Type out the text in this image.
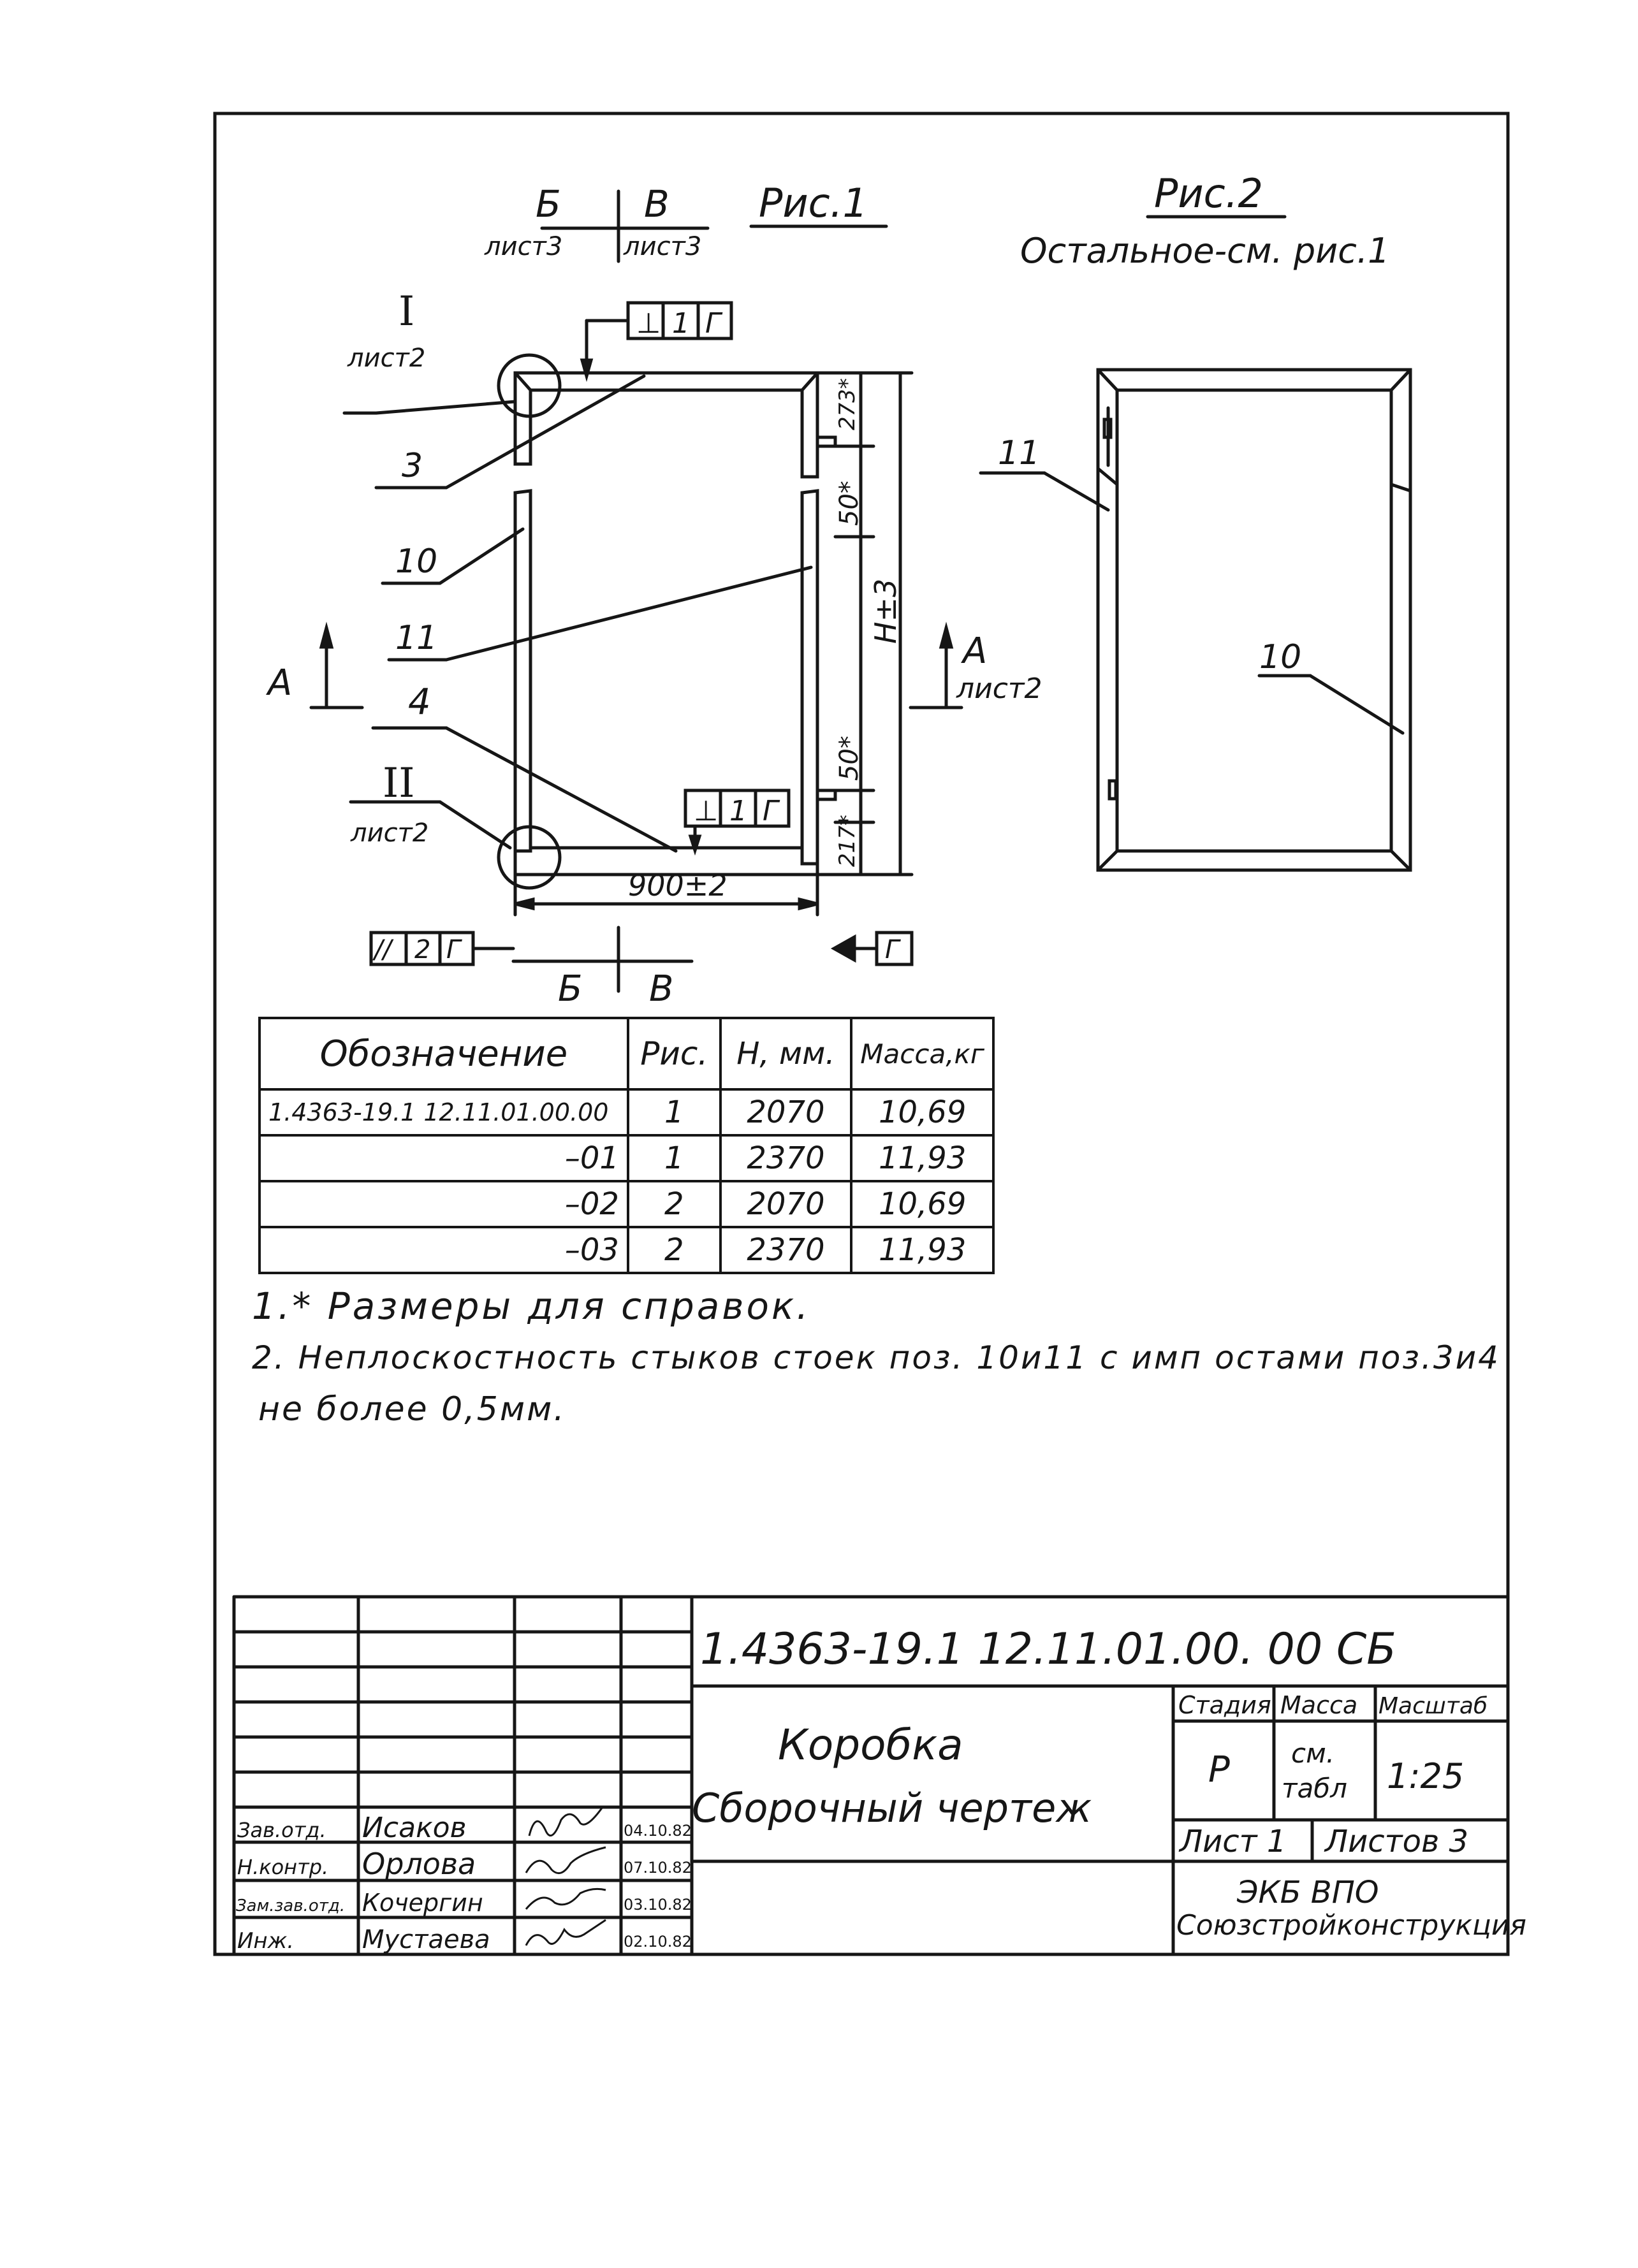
Рис.1
Б В
лист3 лист3
I
лист2
II
лист2
3
10
11
4
А
А
лист2
⊥ 1 Г
⊥ 1 Г
// 2 Г	Г
900±2
Б В
273*
50*
H±3
50*
217*
Рис.2
Остальное-см. рис.1
11
10
1.4363-19.1 12.11.01.00. 00 СБ
Коробка
Сборочный чертеж
Стадия Масса Масштаб
Р см.
табл 1:25
Лист 1 Листов 3
ЭКБ ВПО
Союзстройконструкция
Зав.отд. Исаков	04.10.82
Н.контр. Орлова	07.10.82
Зам.зав.отд. Кочергин	03.10.82
Инж.	Мустаева	02.10.82
Обозначение	Рис.	H, мм.	Масса,кг
1.4363-19.1 12.11.01.00.00	1	2070	10,69
–01	1	2370	11,93
–02	2	2070	10,69
–03	2	2370	11,93
1.* Размеры для справок.
2. Неплоскостность стыков стоек поз. 10и11 с имп остами поз.3и4
не более 0,5мм.
